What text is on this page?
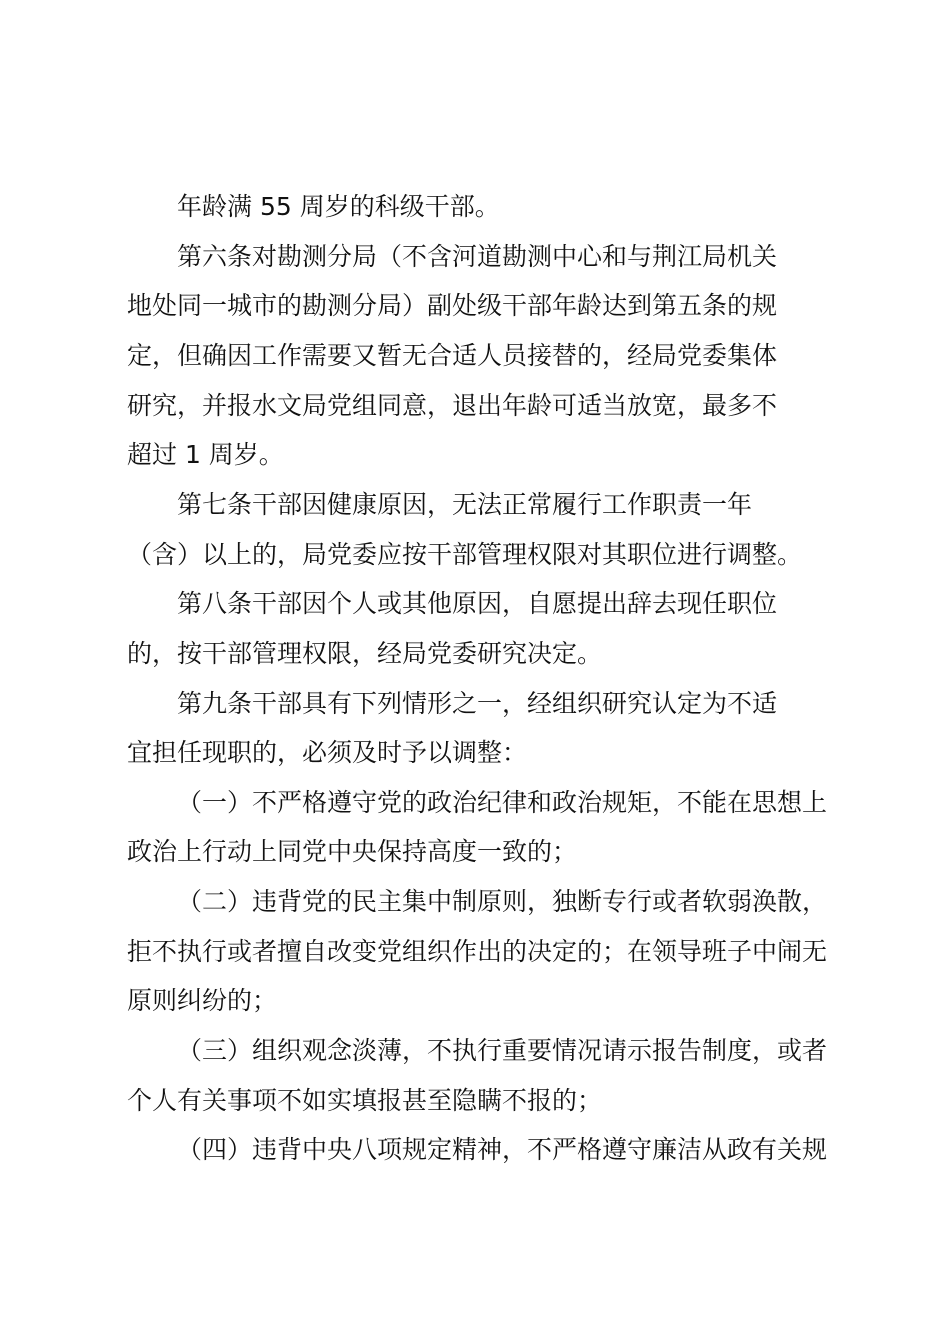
年龄满 55 周岁的科级干部。
第六条对勘测分局（不含河道勘测中心和与荆江局机关
地处同一城市的勘测分局）副处级干部年龄达到第五条的规
定，但确因工作需要又暂无合适人员接替的，经局党委集体
研究，并报水文局党组同意，退出年龄可适当放宽，最多不
超过 1 周岁。
第七条干部因健康原因，无法正常履行工作职责一年
（含）以上的，局党委应按干部管理权限对其职位进行调整。
第八条干部因个人或其他原因，自愿提出辞去现任职位
的，按干部管理权限，经局党委研究决定。
第九条干部具有下列情形之一，经组织研究认定为不适
宜担任现职的，必须及时予以调整：
（一）不严格遵守党的政治纪律和政治规矩，不能在思想上
政治上行动上同党中央保持高度一致的；
（二）违背党的民主集中制原则，独断专行或者软弱涣散，
拒不执行或者擅自改变党组织作出的决定的；在领导班子中闹无
原则纠纷的；
（三）组织观念淡薄，不执行重要情况请示报告制度，或者
个人有关事项不如实填报甚至隐瞒不报的；
（四）违背中央八项规定精神，不严格遵守廉洁从政有关规
